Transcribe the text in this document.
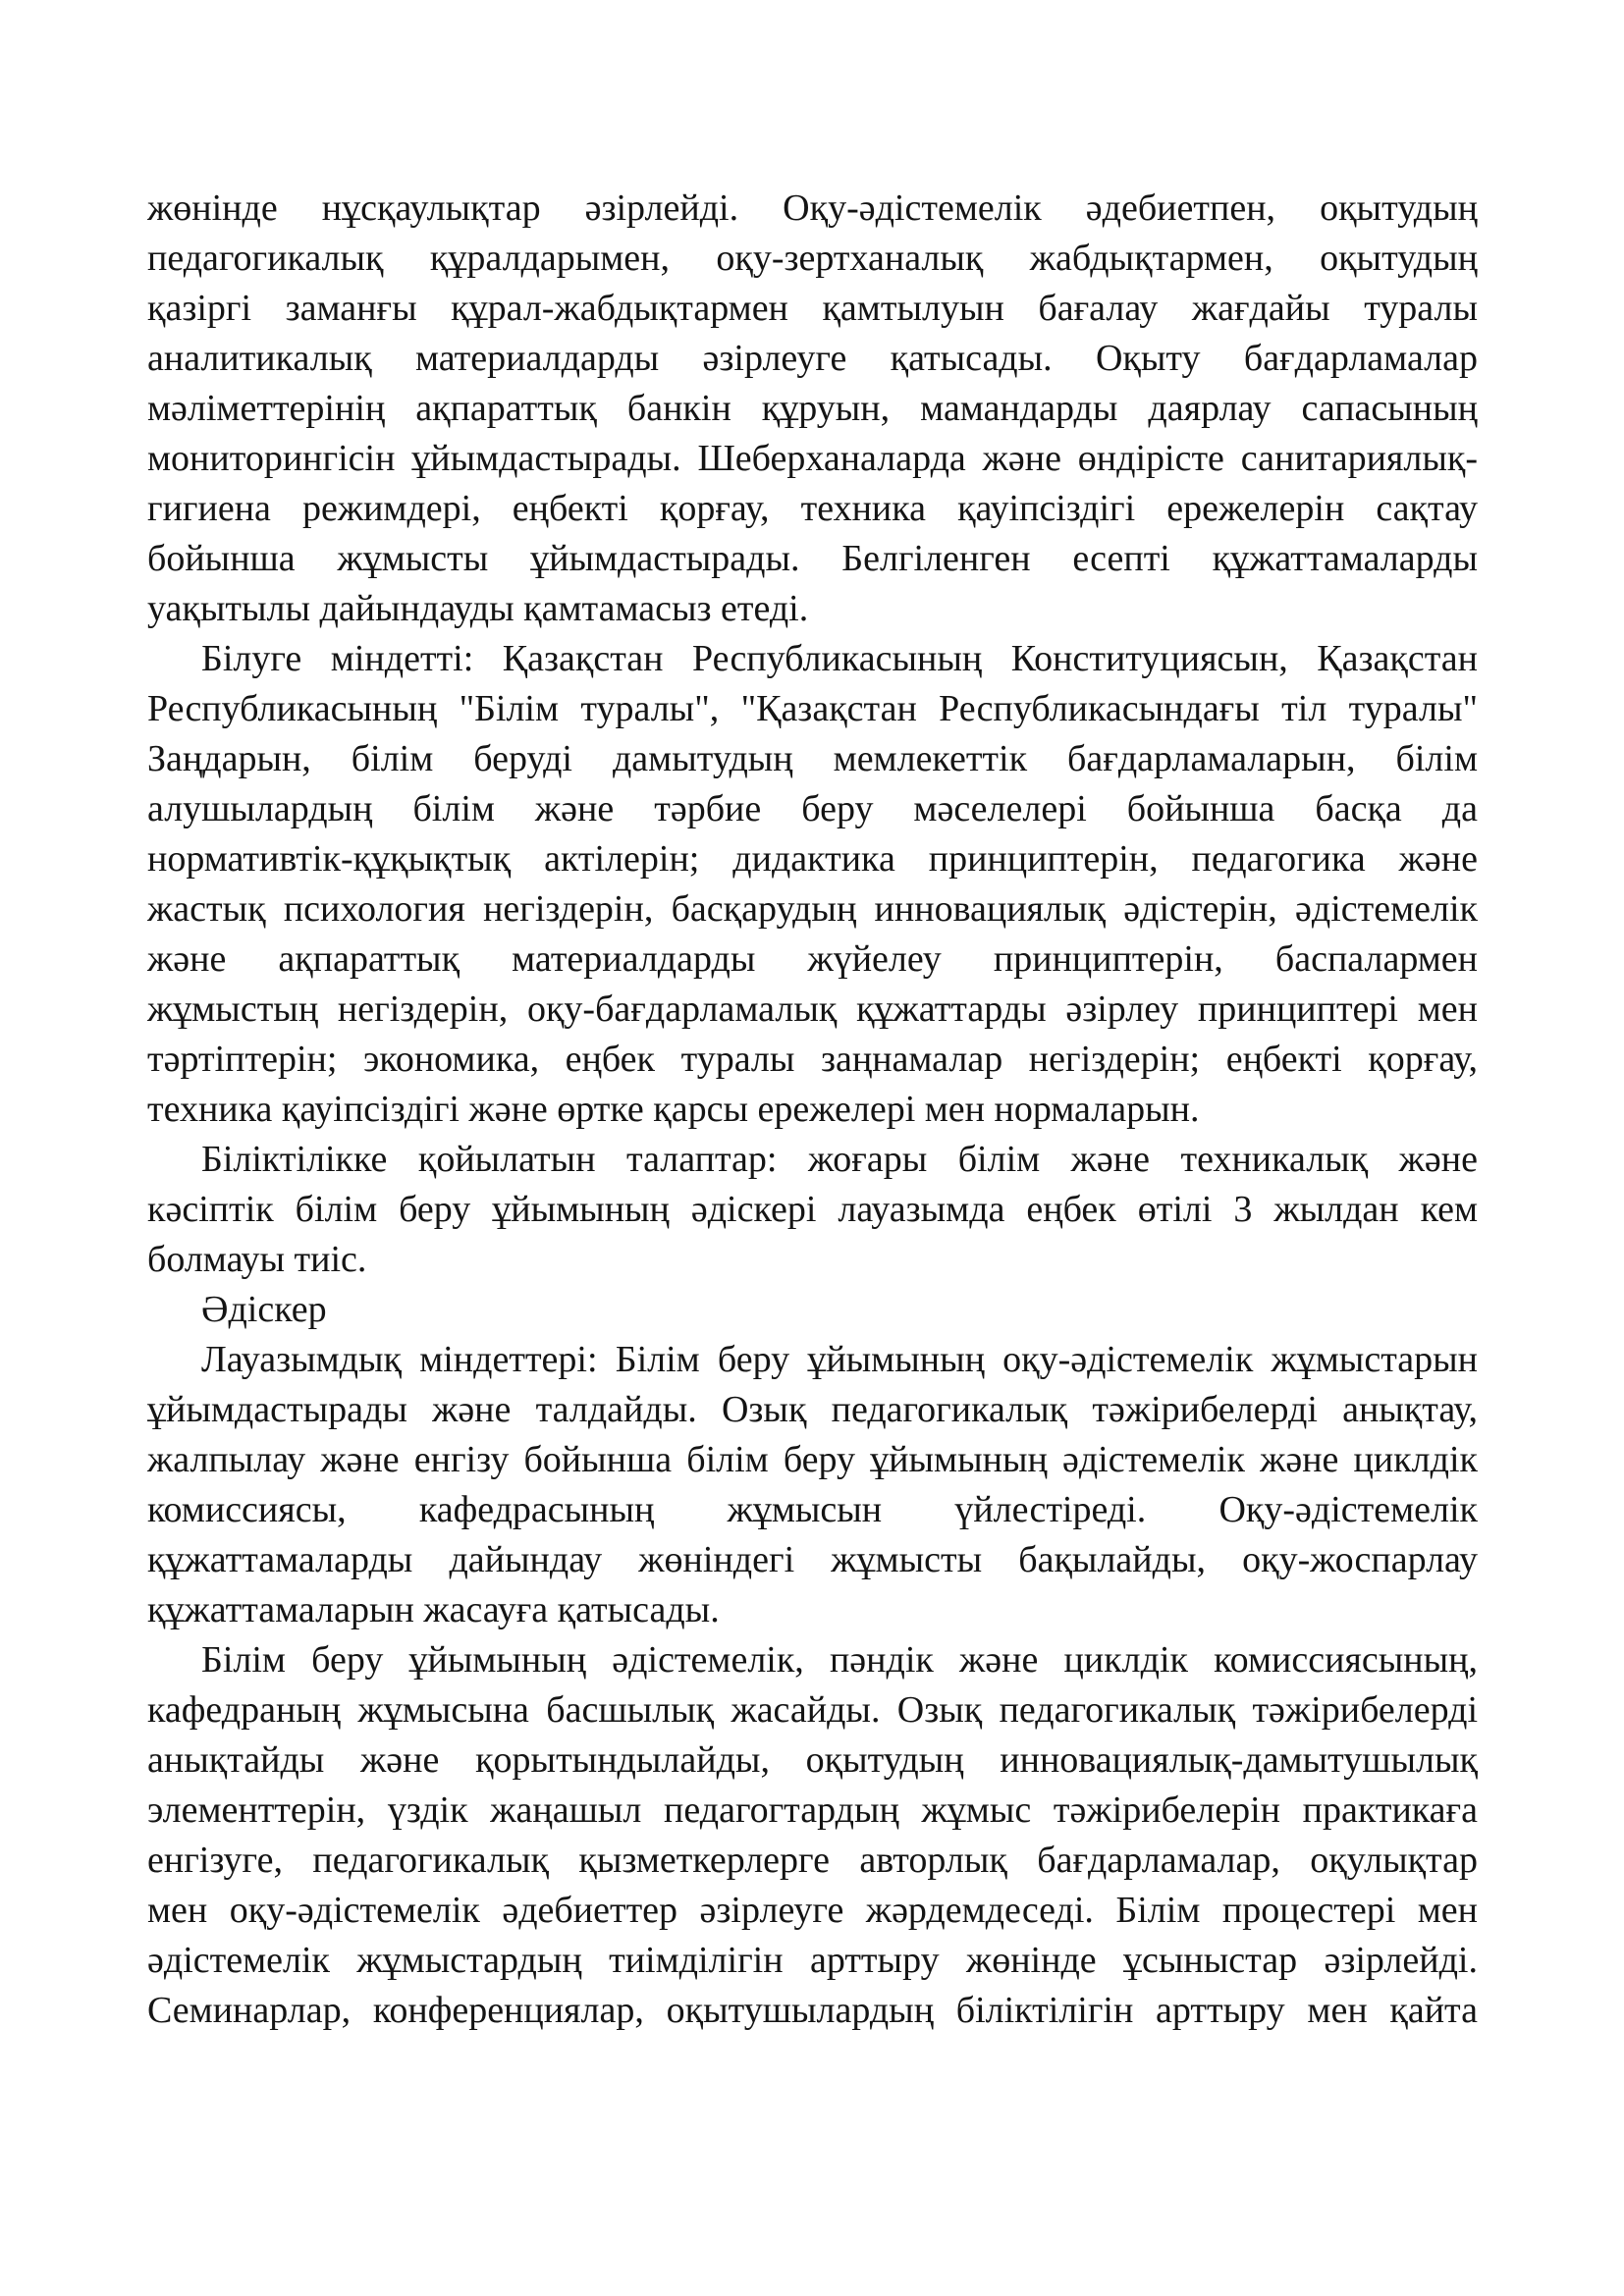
жөнінде нұсқаулықтар әзірлейді. Оқу-әдістемелік әдебиетпен, оқытудың
педагогикалық құралдарымен, оқу-зертханалық жабдықтармен, оқытудың
қазіргі заманғы құрал-жабдықтармен қамтылуын бағалау жағдайы туралы
аналитикалық материалдарды әзірлеуге қатысады. Оқыту бағдарламалар
мәліметтерінің ақпараттық банкін құруын, мамандарды даярлау сапасының
мониторингісін ұйымдастырады. Шеберханаларда және өндірісте санитариялық-
гигиена режимдері, еңбекті қорғау, техника қауіпсіздігі ережелерін сақтау
бойынша жұмысты ұйымдастырады. Белгіленген есепті құжаттамаларды
уақытылы дайындауды қамтамасыз етеді.
Білуге міндетті: Қазақстан Республикасының Конституциясын, Қазақстан
Республикасының "Білім туралы", "Қазақстан Республикасындағы тіл туралы"
Заңдарын, білім беруді дамытудың мемлекеттік бағдарламаларын, білім
алушылардың білім және тәрбие беру мәселелері бойынша басқа да
нормативтік-құқықтық актілерін; дидактика принциптерін, педагогика және
жастық психология негіздерін, басқарудың инновациялық әдістерін, әдістемелік
және ақпараттық материалдарды жүйелеу принциптерін, баспалармен
жұмыстың негіздерін, оқу-бағдарламалық құжаттарды әзірлеу принциптері мен
тәртіптерін; экономика, еңбек туралы заңнамалар негіздерін; еңбекті қорғау,
техника қауіпсіздігі және өртке қарсы ережелері мен нормаларын.
Біліктілікке қойылатын талаптар: жоғары білім және техникалық және
кәсіптік білім беру ұйымының әдіскері лауазымда еңбек өтілі 3 жылдан кем
болмауы тиіс.
Әдіскер
Лауазымдық міндеттері: Білім беру ұйымының оқу-әдістемелік жұмыстарын
ұйымдастырады және талдайды. Озық педагогикалық тәжірибелерді анықтау,
жалпылау және енгізу бойынша білім беру ұйымының әдістемелік және циклдік
комиссиясы, кафедрасының жұмысын үйлестіреді. Оқу-әдістемелік
құжаттамаларды дайындау жөніндегі жұмысты бақылайды, оқу-жоспарлау
құжаттамаларын жасауға қатысады.
Білім беру ұйымының әдістемелік, пәндік және циклдік комиссиясының,
кафедраның жұмысына басшылық жасайды. Озық педагогикалық тәжірибелерді
анықтайды және қорытындылайды, оқытудың инновациялық-дамытушылық
элементтерін, үздік жаңашыл педагогтардың жұмыс тәжірибелерін практикаға
енгізуге, педагогикалық қызметкерлерге авторлық бағдарламалар, оқулықтар
мен оқу-әдістемелік әдебиеттер әзірлеуге жәрдемдеседі. Білім процестері мен
әдістемелік жұмыстардың тиімділігін арттыру жөнінде ұсыныстар әзірлейді.
Семинарлар, конференциялар, оқытушылардың біліктілігін арттыру мен қайта
